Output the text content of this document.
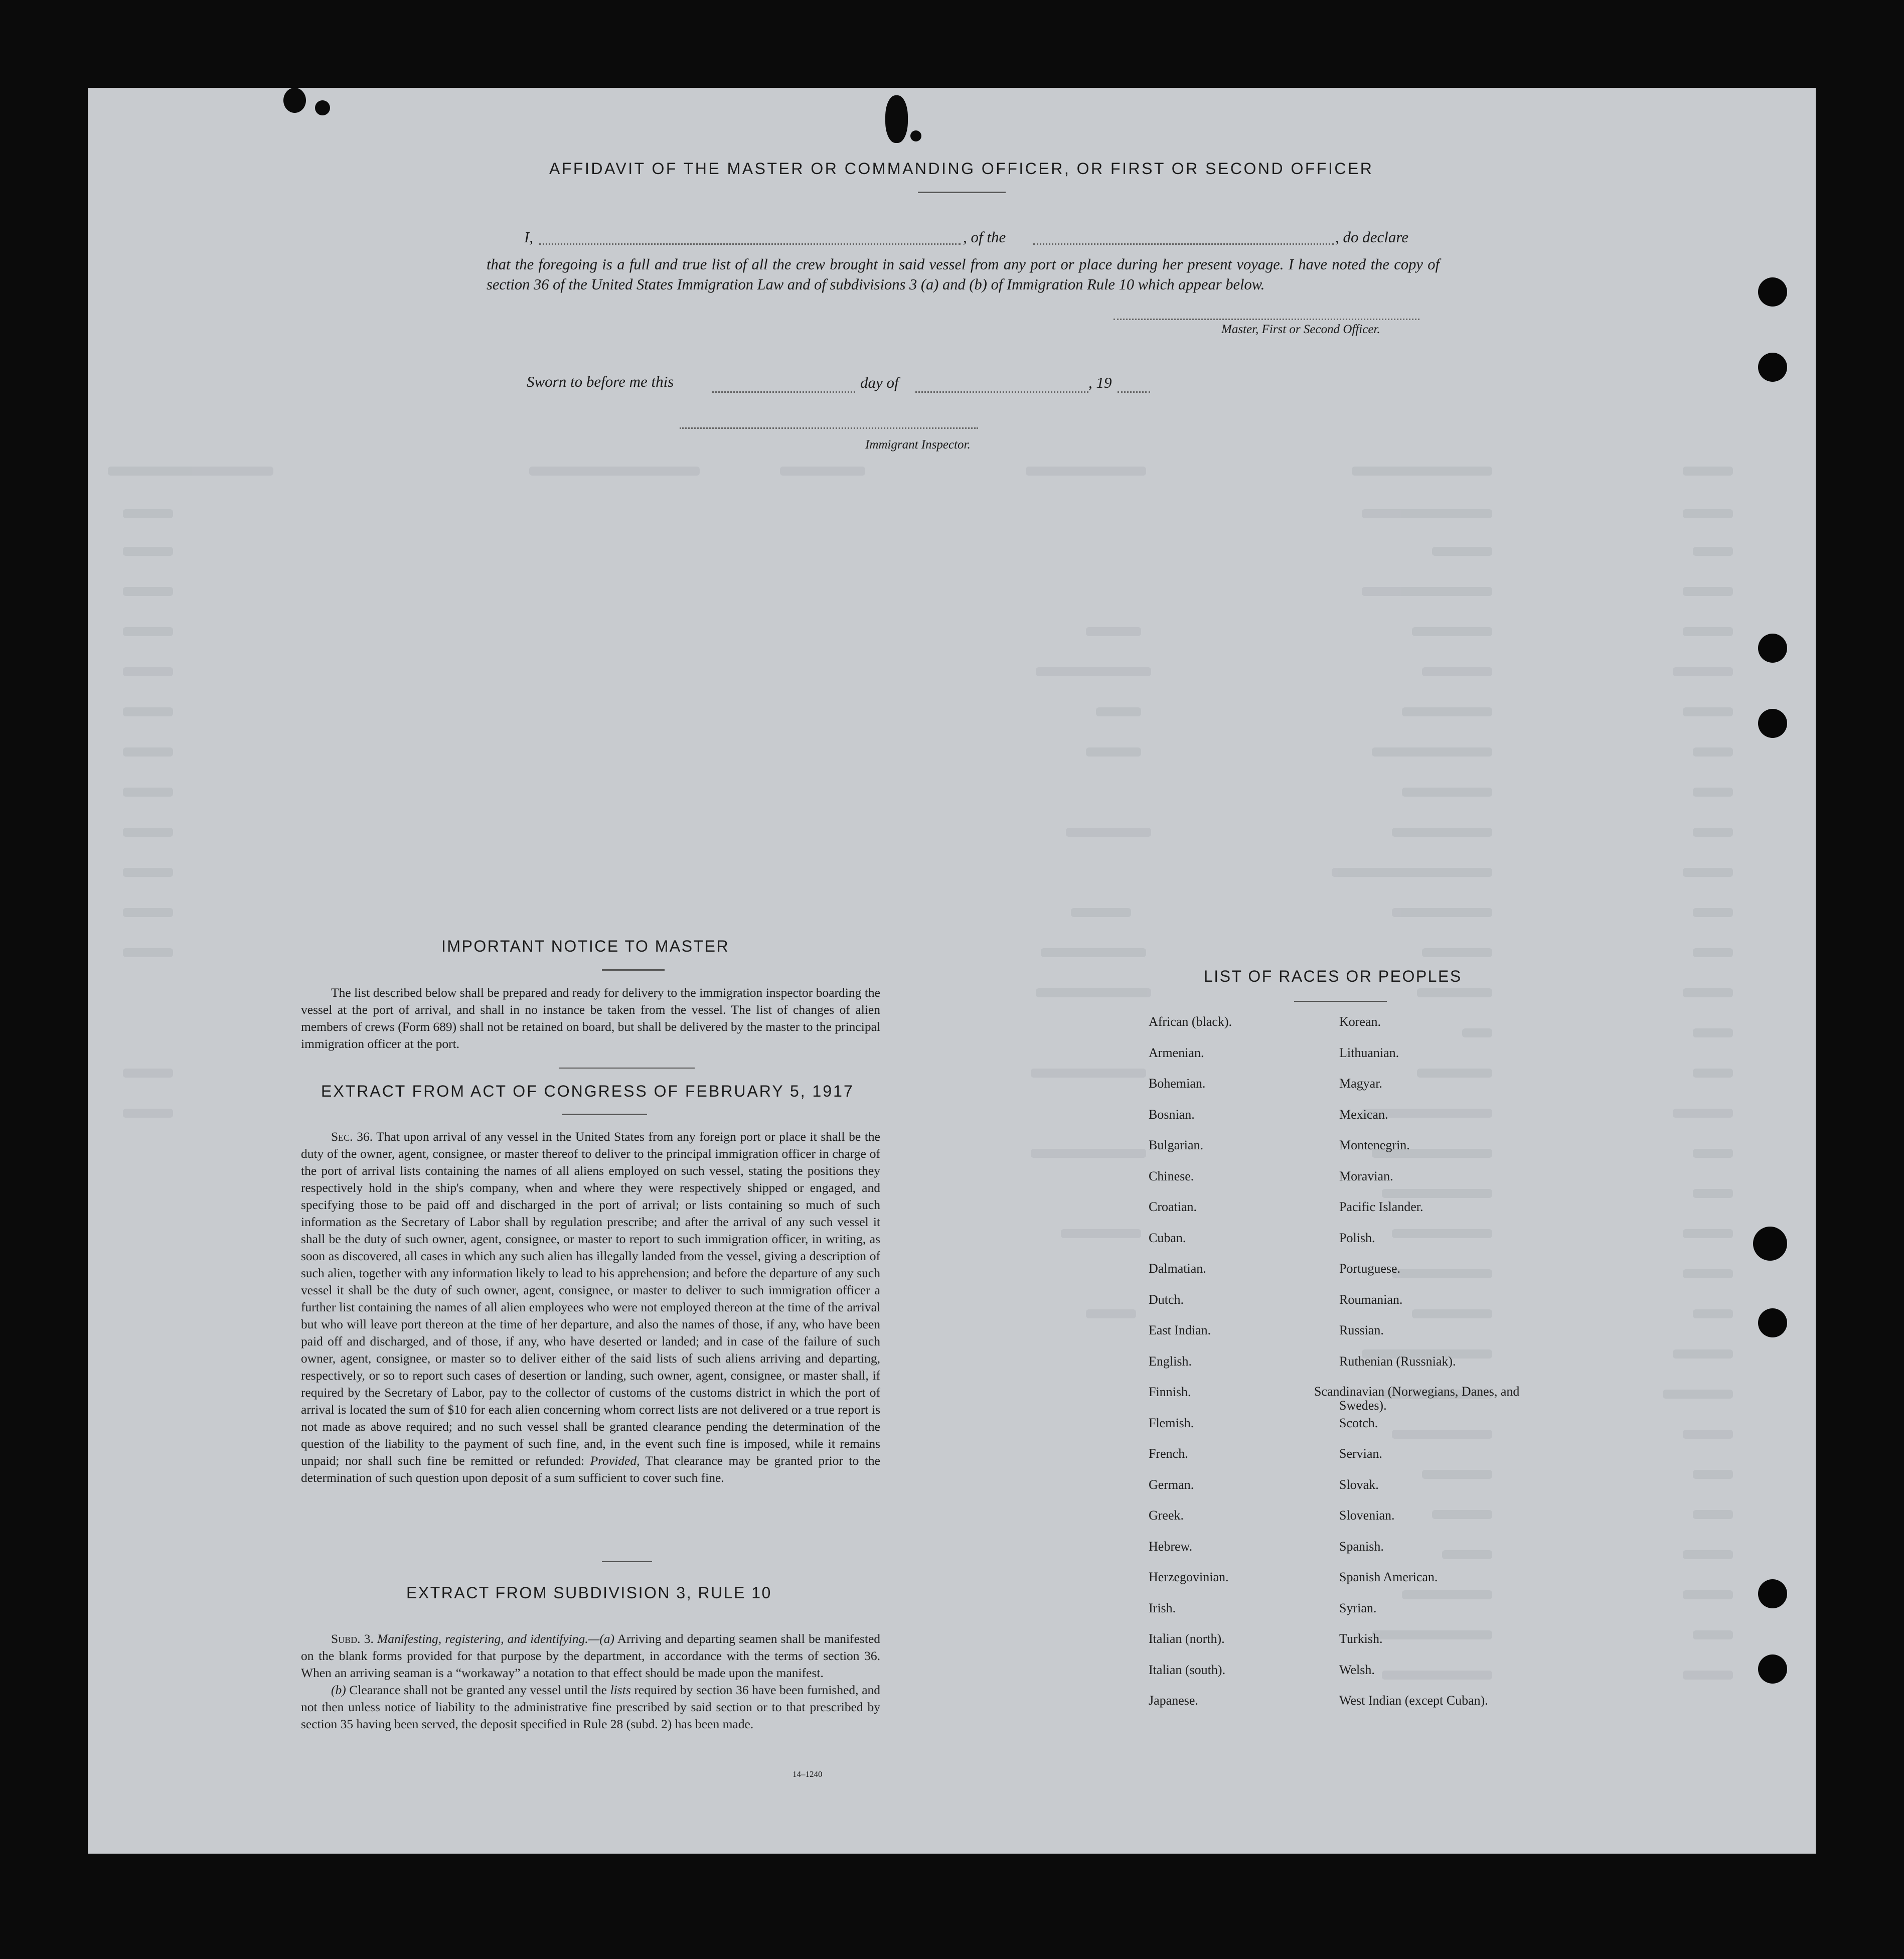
AFFIDAVIT OF THE MASTER OR COMMANDING OFFICER, OR FIRST OR SECOND OFFICER
I,	, of the	, do declare

that the foregoing is a full and true list of all the crew brought in said vessel from any port or place during her present voyage. I have noted the copy of section 36 of the United States Immigration Law and of subdivisions 3 (a) and (b) of Immigration Rule 10 which appear below.

Master, First or Second Officer.
Sworn to before me this	day of	, 19
Immigrant Inspector.
IMPORTANT NOTICE TO MASTER

The list described below shall be prepared and ready for delivery to the immigration inspector boarding the vessel at the port of arrival, and shall in no instance be taken from the vessel. The list of changes of alien members of crews (Form 689) shall not be retained on board, but shall be delivered by the master to the principal immigration officer at the port.

EXTRACT FROM ACT OF CONGRESS OF FEBRUARY 5, 1917

Sec. 36. That upon arrival of any vessel in the United States from any foreign port or place it shall be the duty of the owner, agent, consignee, or master thereof to deliver to the principal immigration officer in charge of the port of arrival lists containing the names of all aliens employed on such vessel, stating the positions they respectively hold in the ship's company, when and where they were respectively shipped or engaged, and specifying those to be paid off and discharged in the port of arrival; or lists containing so much of such information as the Secretary of Labor shall by regulation prescribe; and after the arrival of any such vessel it shall be the duty of such owner, agent, consignee, or master to report to such immigration officer, in writing, as soon as discovered, all cases in which any such alien has illegally landed from the vessel, giving a description of such alien, together with any information likely to lead to his apprehension; and before the departure of any such vessel it shall be the duty of such owner, agent, consignee, or master to deliver to such immigration officer a further list containing the names of all alien employees who were not employed thereon at the time of the arrival but who will leave port thereon at the time of her departure, and also the names of those, if any, who have been paid off and discharged, and of those, if any, who have deserted or landed; and in case of the failure of such owner, agent, consignee, or master so to deliver either of the said lists of such aliens arriving and departing, respectively, or so to report such cases of desertion or landing, such owner, agent, consignee, or master shall, if required by the Secretary of Labor, pay to the collector of customs of the customs district in which the port of arrival is located the sum of $10 for each alien concerning whom correct lists are not delivered or a true report is not made as above required; and no such vessel shall be granted clearance pending the determination of the question of the liability to the payment of such fine, and, in the event such fine is imposed, while it remains unpaid; nor shall such fine be remitted or refunded: Provided, That clearance may be granted prior to the determination of such question upon deposit of a sum sufficient to cover such fine.

EXTRACT FROM SUBDIVISION 3, RULE 10

Subd. 3. Manifesting, registering, and identifying.—(a) Arriving and departing seamen shall be manifested on the blank forms provided for that purpose by the department, in accordance with the terms of section 36. When an arriving seaman is a “workaway” a notation to that effect should be made upon the manifest.

(b) Clearance shall not be granted any vessel until the lists required by section 36 have been furnished, and not then unless notice of liability to the administrative fine prescribed by said section or to that prescribed by section 35 having been served, the deposit specified in Rule 28 (subd. 2) has been made.

14–1240
LIST OF RACES OR PEOPLES
African (black).
Armenian.
Bohemian.
Bosnian.
Bulgarian.
Chinese.
Croatian.
Cuban.
Dalmatian.
Dutch.
East Indian.
English.
Finnish.
Flemish.
French.
German.
Greek.
Hebrew.
Herzegovinian.
Irish.
Italian (north).
Italian (south).
Japanese.
Korean.
Lithuanian.
Magyar.
Mexican.
Montenegrin.
Moravian.
Pacific Islander.
Polish.
Portuguese.
Roumanian.
Russian.
Ruthenian (Russniak).
Scandinavian (Norwegians, Danes, and Swedes).
Scotch.
Servian.
Slovak.
Slovenian.
Spanish.
Spanish American.
Syrian.
Turkish.
Welsh.
West Indian (except Cuban).
